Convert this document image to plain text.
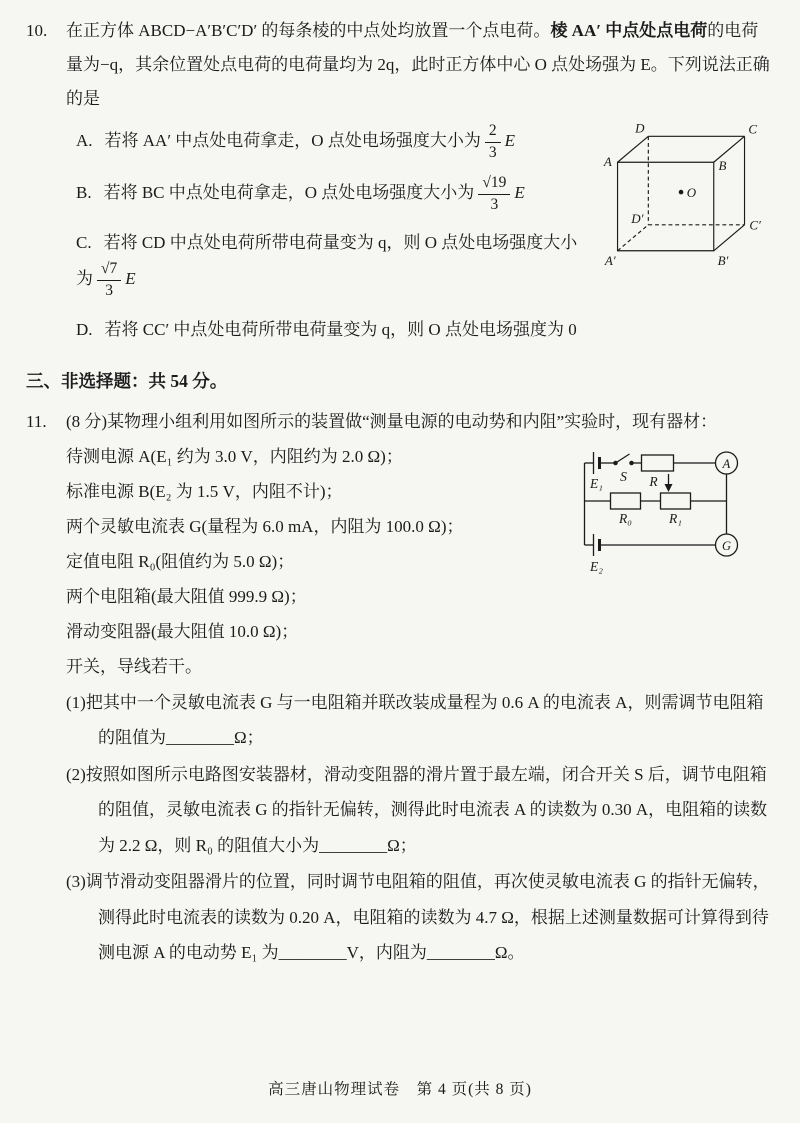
10.	在正方体 ABCD−A′B′C′D′ 的每条棱的中点处均放置一个点电荷。棱 AA′ 中点处点电荷的电荷量为−q，其余位置处点电荷的电荷量均为 2q，此时正方体中心 O 点处场强为 E。下列说法正确的是

D	C
A	B
O
D′	C′
A′	B′

A. 若将 AA′ 中点处电荷拿走，O 点处电场强度大小为 $\frac{2}{3}$ E

B. 若将 BC 中点处电荷拿走，O 点处电场强度大小为 $\frac{√19}{3}$ E

C. 若将 CD 中点处电荷所带电荷量变为 q，则 O 点处电场强度大小为 $\frac{√7}{3}$ E

D. 若将 CC′ 中点处电荷所带电荷量变为 q，则 O 点处电场强度为 0

三、非选择题：共 54 分。
11.	(8 分)某物理小组利用如图所示的装置做“测量电源的电动势和内阻”实验时，现有器材：

E₁ S R
A
R₀	R₁
E₂
G

待测电源 A(E₁ 约为 3.0 V，内阻约为 2.0 Ω)；

标准电源 B(E₂ 为 1.5 V，内阻不计)；

两个灵敏电流表 G(量程为 6.0 mA，内阻为 100.0 Ω)；

定值电阻 R₀(阻值约为 5.0 Ω)；

两个电阻箱(最大阻值 999.9 Ω)；

滑动变阻器(最大阻值 10.0 Ω)；

开关，导线若干。

(1)把其中一个灵敏电流表 G 与一电阻箱并联改装成量程为 0.6 A 的电流表 A，则需调节电阻箱的阻值为________Ω；

(2)按照如图所示电路图安装器材，滑动变阻器的滑片置于最左端，闭合开关 S 后，调节电阻箱的阻值，灵敏电流表 G 的指针无偏转，测得此时电流表 A 的读数为 0.30 A，电阻箱的读数为 2.2 Ω，则 R₀ 的阻值大小为________Ω；

(3)调节滑动变阻器滑片的位置，同时调节电阻箱的阻值，再次使灵敏电流表 G 的指针无偏转，测得此时电流表的读数为 0.20 A，电阻箱的读数为 4.7 Ω，根据上述测量数据可计算得到待测电源 A 的电动势 E₁ 为________V，内阻为________Ω。

高三唐山物理试卷　第 4 页(共 8 页)
